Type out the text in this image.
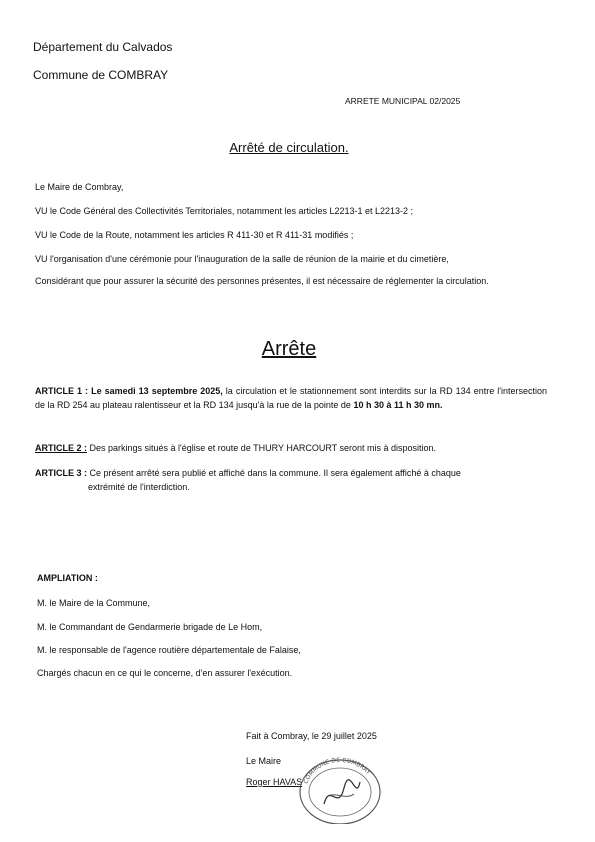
Département du Calvados
Commune de COMBRAY
ARRETE MUNICIPAL 02/2025
Arrêté de circulation.
Le Maire de Combray,
VU le Code Général des Collectivités Territoriales, notamment les articles L2213-1 et L2213-2 ;
VU le Code de la Route, notamment les articles R 411-30 et R 411-31 modifiés ;
VU l'organisation d'une cérémonie pour l'inauguration de la salle de réunion de la mairie et du cimetière,
Considérant que pour assurer la sécurité des personnes présentes, il est nécessaire de réglementer la circulation.
Arrête
ARTICLE 1 : Le samedi 13 septembre 2025, la circulation et le stationnement sont interdits sur la RD 134 entre l'intersection de la RD 254 au plateau ralentisseur et la RD 134 jusqu'à la rue de la pointe de 10 h 30 à 11 h 30 mn.
ARTICLE 2 : Des parkings situés à l'église et route de THURY HARCOURT seront mis à disposition.
ARTICLE 3 : Ce présent arrêté sera publié et affiché dans la commune. Il sera également affiché à chaque
extrémité de l'interdiction.
AMPLIATION :
M. le Maire de la Commune,
M. le Commandant de Gendarmerie brigade de Le Hom,
M. le responsable de l'agence routière départementale de Falaise,
Chargés chacun en ce qui le concerne, d'en assurer l'exécution.
Fait à Combray, le 29 juillet 2025
Le Maire
Roger HAVAS COMMUNE DE COMBRAY
